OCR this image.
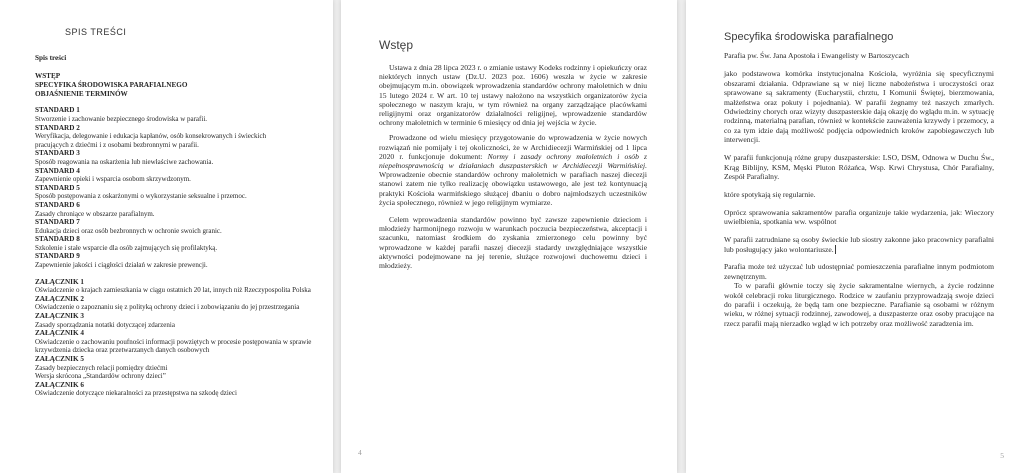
SPIS TREŚCI
Spis treści
WSTĘP
SPECYFIKA ŚRODOWISKA PARAFIALNEGO
OBJAŚNIENIE TERMINÓW
STANDARD 1
Stworzenie i zachowanie bezpiecznego środowiska w parafii.
STANDARD 2
Weryfikacja, delegowanie i edukacja kapłanów, osób konsekrowanych i świeckich
pracujących z dziećmi i z osobami bezbronnymi w parafii.
STANDARD 3
Sposób reagowania na oskarżenia lub niewłaściwe zachowania.
STANDARD 4
Zapewnienie opieki i wsparcia osobom skrzywdzonym.
STANDARD 5
Sposób postępowania z oskarżonymi o wykorzystanie seksualne i przemoc.
STANDARD 6
Zasady chroniące w obszarze parafialnym.
STANDARD 7
Edukacja dzieci oraz osób bezbronnych w ochronie swoich granic.
STANDARD 8
Szkolenie i stałe wsparcie dla osób zajmujących się profilaktyką.
STANDARD 9
Zapewnienie jakości i ciągłości działań w zakresie prewencji.
ZAŁĄCZNIK 1
Oświadczenie o krajach zamieszkania w ciągu ostatnich 20 lat, innych niż Rzeczypospolita Polska
ZAŁĄCZNIK 2
Oświadczenie o zapoznaniu się z polityką ochrony dzieci i zobowiązaniu do jej przestrzegania
ZAŁĄCZNIK 3
Zasady sporządzania notatki dotyczącej zdarzenia
ZAŁĄCZNIK 4
Oświadczenie o zachowaniu poufności informacji powziętych w procesie postępowania w sprawie
krzywdzenia dziecka oraz przetwarzanych danych osobowych
ZAŁĄCZNIK 5
Zasady bezpiecznych relacji pomiędzy dziećmi
Wersja skrócona „Standardów ochrony dzieci”
ZAŁĄCZNIK 6
Oświadczenie dotyczące niekaralności za przestępstwa na szkodę dzieci
Wstęp

Ustawa z dnia 28 lipca 2023 r. o zmianie ustawy Kodeks rodzinny i opiekuńczy oraz niektórych innych ustaw (Dz.U. 2023 poz. 1606) weszła w życie w zakresie obejmującym m.in. obowiązek wprowadzenia standardów ochrony małoletnich w dniu 15 lutego 2024 r. W art. 10 tej ustawy nałożono na wszystkich organizatorów życia społecznego w naszym kraju, w tym również na organy zarządzające placówkami religijnymi oraz organizatorów działalności religijnej, wprowadzenie standardów ochrony małoletnich w terminie 6 miesięcy od dnia jej wejścia w życie.

Prowadzone od wielu miesięcy przygotowanie do wprowadzenia w życie nowych rozwiązań nie pomijały i tej okoliczności, że w Archidiecezji Warmińskiej od 1 lipca 2020 r. funkcjonuje dokument: Normy i zasady ochrony małoletnich i osób z niepełnosprawnością w działaniach duszpasterskich w Archidiecezji Warmińskiej. Wprowadzenie obecnie standardów ochrony małoletnich w parafiach naszej diecezji stanowi zatem nie tylko realizację obowiązku ustawowego, ale jest też kontynuacją praktyki Kościoła warmińskiego służącej dbaniu o dobro najmłodszych uczestników życia społecznego, również w jego religijnym wymiarze.

Celem wprowadzenia standardów powinno być zawsze zapewnienie dzieciom i młodzieży harmonijnego rozwoju w warunkach poczucia bezpieczeństwa, akceptacji i szacunku, natomiast środkiem do zyskania zmierzonego celu powinny być wprowadzone w każdej parafii naszej diecezji stadardy uwzględniające wszystkie aktywności podejmowane na jej terenie, służące rozwojowi duchowemu dzieci i młodzieży.

4
Specyfika środowiska parafialnego

Parafia pw. Św. Jana Apostoła i Ewangelisty w Bartoszycach

jako podstawowa komórka instytucjonalna Kościoła, wyróżnia się specyficznymi obszarami działania. Odprawiane są w niej liczne nabożeństwa i uroczystości oraz sprawowane są sakramenty (Eucharystii, chrztu, I Komunii Świętej, bierzmowania, małżeństwa oraz pokuty i pojednania). W parafii żegnamy też naszych zmarłych. Odwiedziny chorych oraz wizyty duszpasterskie dają okazję do wglądu m.in. w sytuację rodzinną, materialną parafian, również w kontekście zauważenia krzywdy i przemocy, a co za tym idzie dają możliwość podjęcia odpowiednich kroków zapobiegawczych lub interwencji.

W parafii funkcjonują różne grupy duszpasterskie: LSO, DSM, Odnowa w Duchu Św., Krąg Biblijny, KSM, Męski Pluton Różańca, Wsp. Krwi Chrystusa, Chór Parafialny, Zespół Parafialny.

które spotykają się regularnie.

Oprócz sprawowania sakramentów parafia organizuje takie wydarzenia, jak: Wieczory uwielbienia, spotkania ww. wspólnot

W parafii zatrudniane są osoby świeckie lub siostry zakonne jako pracownicy parafialni lub posługujący jako wolontariusze.

Parafia może też użyczać lub udostępniać pomieszczenia parafialne innym podmiotom zewnętrznym.

To w parafii głównie toczy się życie sakramentalne wiernych, a życie rodzinne wokół celebracji roku liturgicznego. Rodzice w zaufaniu przyprowadzają swoje dzieci do parafii i oczekują, że będą tam one bezpieczne. Parafianie są osobami w różnym wieku, w różnej sytuacji rodzinnej, zawodowej, a duszpasterze oraz osoby pracujące na rzecz parafii mają nierzadko wgląd w ich potrzeby oraz możliwość zaradzenia im.

5
